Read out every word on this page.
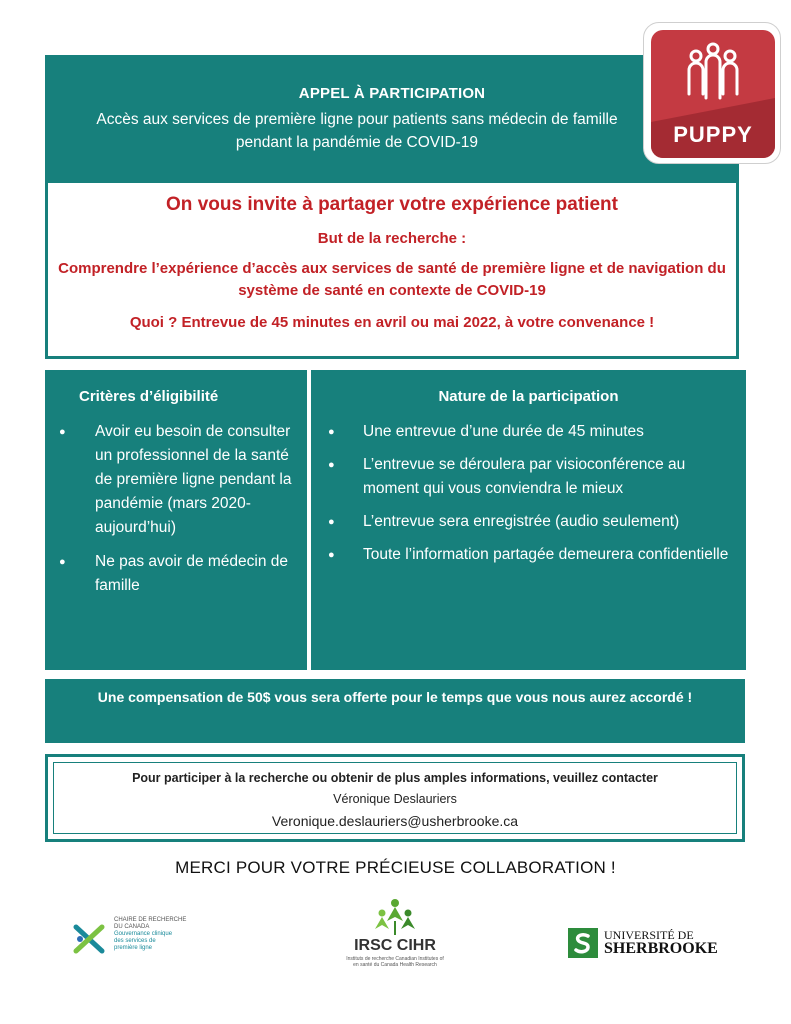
APPEL À PARTICIPATION
Accès aux services de première ligne pour patients sans médecin de famille pendant la pandémie de COVID-19	PUPPY
On vous invite à partager votre expérience patient
But de la recherche :
Comprendre l’expérience d’accès aux services de santé de première ligne et de navigation du système de santé en contexte de COVID-19
Quoi ? Entrevue de 45 minutes en avril ou mai 2022, à votre convenance !
Critères d’éligibilité
● Avoir eu besoin de consulter un professionnel de la santé de première ligne pendant la pandémie (mars 2020-aujourd’hui)
● Ne pas avoir de médecin de famille
Nature de la participation
● Une entrevue d’une durée de 45 minutes
● L’entrevue se déroulera par visioconférence au moment qui vous conviendra le mieux
● L’entrevue sera enregistrée (audio seulement)
● Toute l’information partagée demeurera confidentielle
Une compensation de 50$ vous sera offerte pour le temps que vous nous aurez accordé !
Pour participer à la recherche ou obtenir de plus amples informations, veuillez contacter
Véronique Deslauriers
Veronique.deslauriers@usherbrooke.ca
MERCI POUR VOTRE PRÉCIEUSE COLLABORATION !
CHAIRE DE RECHERCHE
DU CANADA
Gouvernance clinique
des services de
première ligne	IRSC CIHR
Instituts de recherche Canadian Institutes of
en santé du Canada Health Research
UNIVERSITÉ DE
SHERBROOKE
